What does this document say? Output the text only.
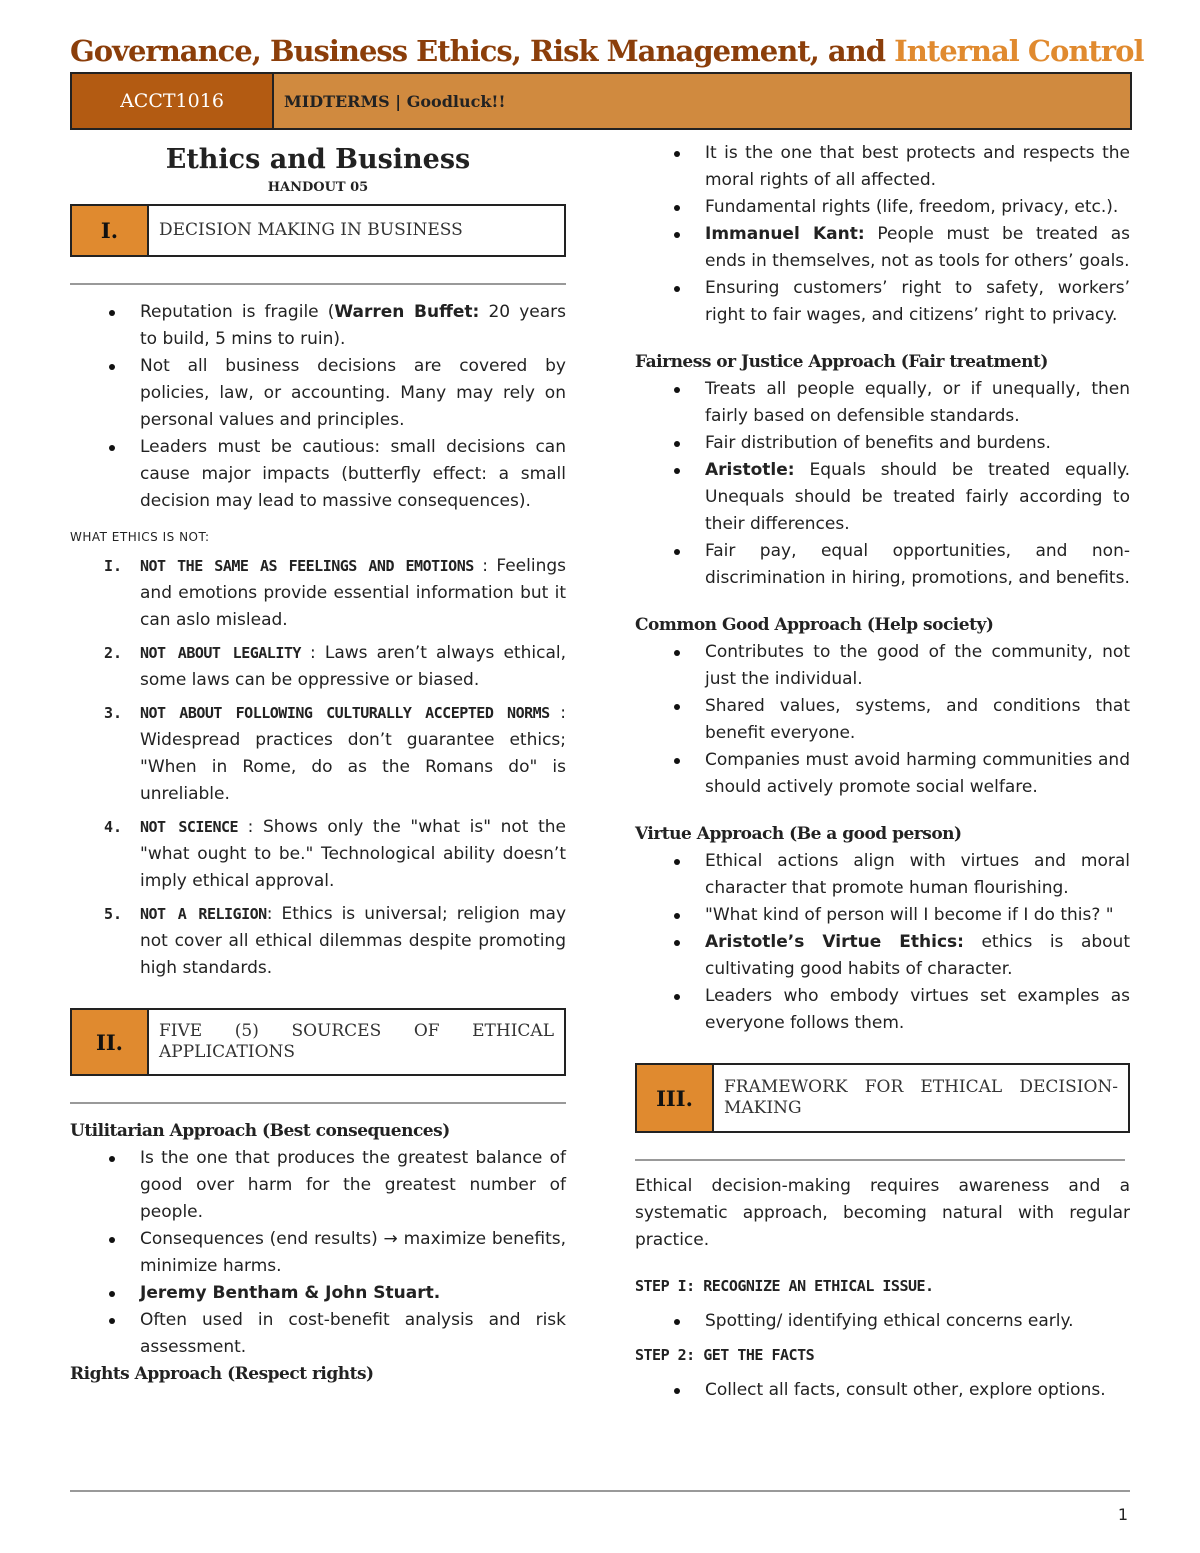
Governance, Business Ethics, Risk Management, and Internal Control
ACCT1016	MIDTERMS | Goodluck!!
Ethics and Business
HANDOUT 05
I.	DECISION MAKING IN BUSINESS
Reputation is fragile (Warren Buffet: 20 years to build, 5 mins to ruin).
Not all business decisions are covered by policies, law, or accounting. Many may rely on personal values and principles.
Leaders must be cautious: small decisions can cause major impacts (butterfly effect: a small decision may lead to massive consequences).
WHAT ETHICS IS NOT:
I. NOT THE SAME AS FEELINGS AND EMOTIONS : Feelings and emotions provide essential information but it can aslo mislead.
2. NOT ABOUT LEGALITY : Laws aren’t always ethical, some laws can be oppressive or biased.
3. NOT ABOUT FOLLOWING CULTURALLY ACCEPTED NORMS : Widespread practices don’t guarantee ethics; "When in Rome, do as the Romans do" is unreliable.
4. NOT SCIENCE : Shows only the "what is" not the "what ought to be." Technological ability doesn’t imply ethical approval.
5. NOT A RELIGION: Ethics is universal; religion may not cover all ethical dilemmas despite promoting high standards.
II.	FIVE (5) SOURCES OF ETHICAL APPLICATIONS
Utilitarian Approach (Best consequences)
Is the one that produces the greatest balance of good over harm for the greatest number of people.
Consequences (end results) → maximize benefits, minimize harms.
Jeremy Bentham & John Stuart.
Often used in cost-benefit analysis and risk assessment.
Rights Approach (Respect rights)
It is the one that best protects and respects the moral rights of all affected.
Fundamental rights (life, freedom, privacy, etc.).
Immanuel Kant: People must be treated as ends in themselves, not as tools for others’ goals.
Ensuring customers’ right to safety, workers’ right to fair wages, and citizens’ right to privacy.
Fairness or Justice Approach (Fair treatment)
Treats all people equally, or if unequally, then fairly based on defensible standards.
Fair distribution of benefits and burdens.
Aristotle: Equals should be treated equally. Unequals should be treated fairly according to their differences.
Fair pay, equal opportunities, and non-discrimination in hiring, promotions, and benefits.
Common Good Approach (Help society)
Contributes to the good of the community, not just the individual.
Shared values, systems, and conditions that benefit everyone.
Companies must avoid harming communities and should actively promote social welfare.
Virtue Approach (Be a good person)
Ethical actions align with virtues and moral character that promote human flourishing.
"What kind of person will I become if I do this? "
Aristotle’s Virtue Ethics: ethics is about cultivating good habits of character.
Leaders who embody virtues set examples as everyone follows them.
III.	FRAMEWORK FOR ETHICAL DECISION-MAKING
Ethical decision-making requires awareness and a systematic approach, becoming natural with regular practice.
STEP I: RECOGNIZE AN ETHICAL ISSUE.
Spotting/ identifying ethical concerns early.
STEP 2: GET THE FACTS
Collect all facts, consult other, explore options.
1
